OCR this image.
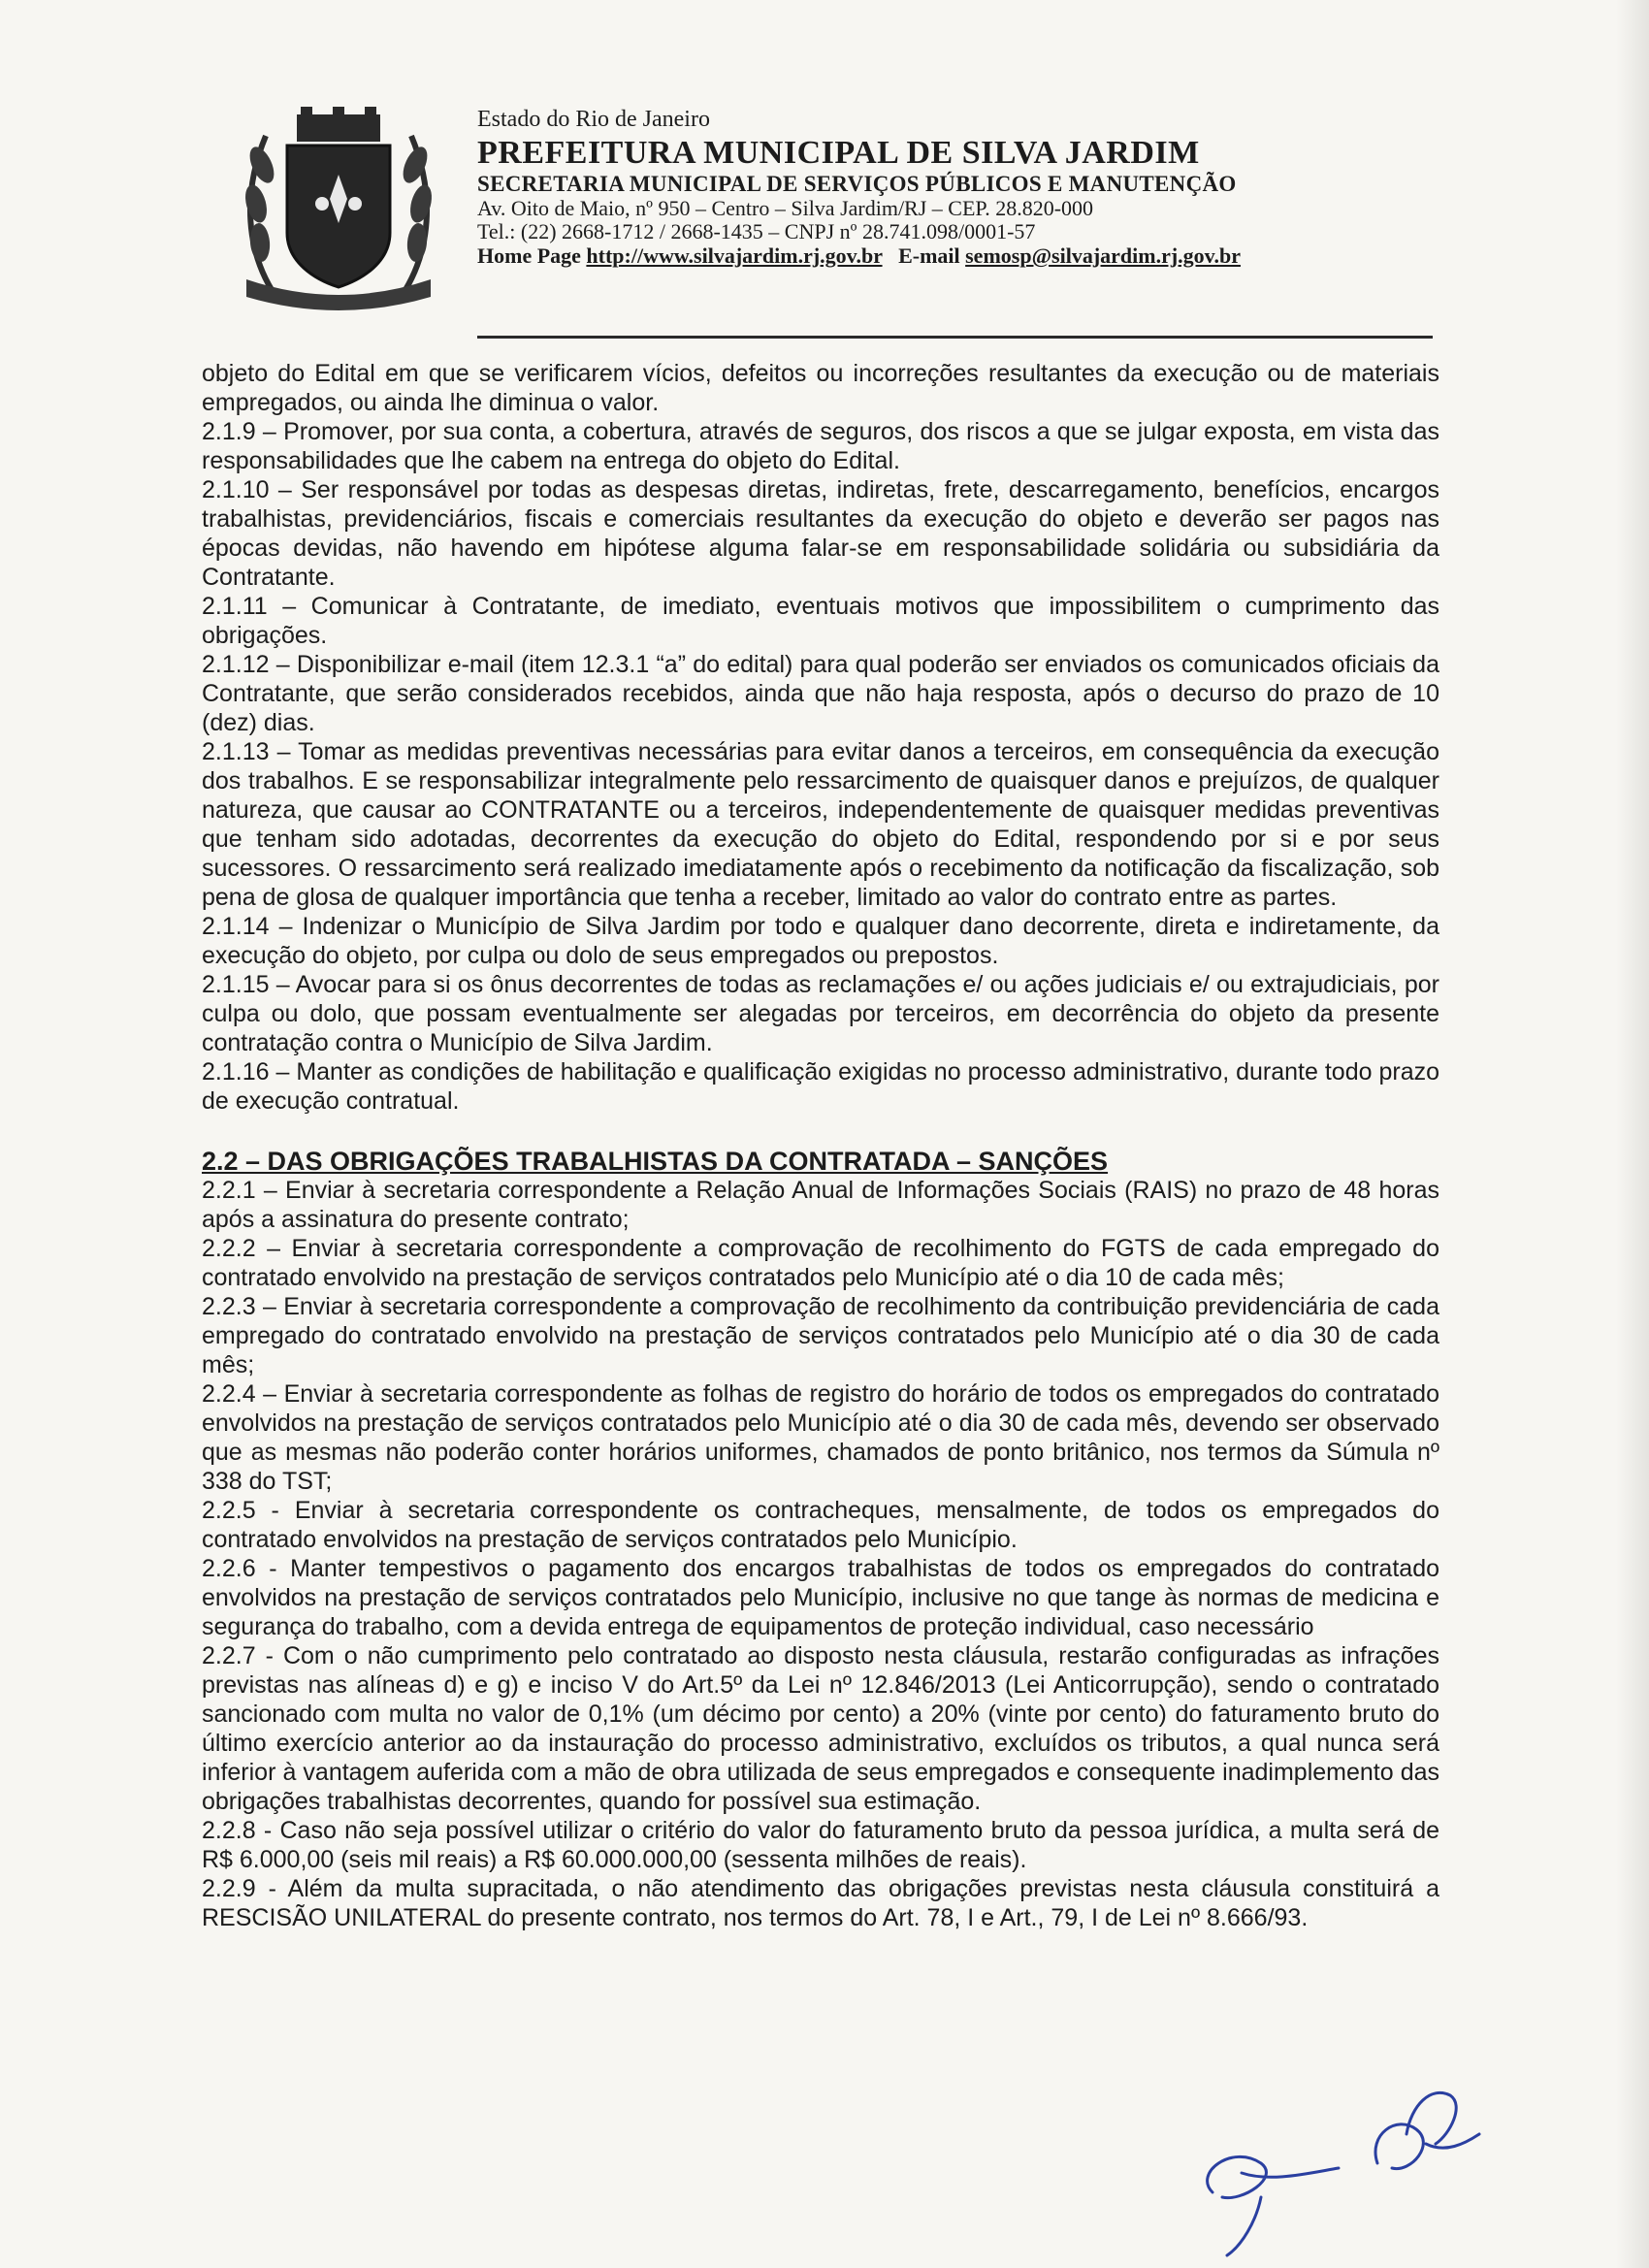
Estado do Rio de Janeiro
PREFEITURA MUNICIPAL DE SILVA JARDIM
SECRETARIA MUNICIPAL DE SERVIÇOS PÚBLICOS E MANUTENÇÃO
Av. Oito de Maio, nº 950 – Centro – Silva Jardim/RJ – CEP. 28.820-000
Tel.: (22) 2668-1712 / 2668-1435 – CNPJ nº 28.741.098/0001-57
Home Page http://www.silvajardim.rj.gov.br E-mail semosp@silvajardim.rj.gov.br

objeto do Edital em que se verificarem vícios, defeitos ou incorreções resultantes da execução ou de materiais empregados, ou ainda lhe diminua o valor.

2.1.9 – Promover, por sua conta, a cobertura, através de seguros, dos riscos a que se julgar exposta, em vista das responsabilidades que lhe cabem na entrega do objeto do Edital.

2.1.10 – Ser responsável por todas as despesas diretas, indiretas, frete, descarregamento, benefícios, encargos trabalhistas, previdenciários, fiscais e comerciais resultantes da execução do objeto e deverão ser pagos nas épocas devidas, não havendo em hipótese alguma falar-se em responsabilidade solidária ou subsidiária da Contratante.

2.1.11 – Comunicar à Contratante, de imediato, eventuais motivos que impossibilitem o cumprimento das obrigações.

2.1.12 – Disponibilizar e-mail (item 12.3.1 “a” do edital) para qual poderão ser enviados os comunicados oficiais da Contratante, que serão considerados recebidos, ainda que não haja resposta, após o decurso do prazo de 10 (dez) dias.

2.1.13 – Tomar as medidas preventivas necessárias para evitar danos a terceiros, em consequência da execução dos trabalhos. E se responsabilizar integralmente pelo ressarcimento de quaisquer danos e prejuízos, de qualquer natureza, que causar ao CONTRATANTE ou a terceiros, independentemente de quaisquer medidas preventivas que tenham sido adotadas, decorrentes da execução do objeto do Edital, respondendo por si e por seus sucessores. O ressarcimento será realizado imediatamente após o recebimento da notificação da fiscalização, sob pena de glosa de qualquer importância que tenha a receber, limitado ao valor do contrato entre as partes.

2.1.14 – Indenizar o Município de Silva Jardim por todo e qualquer dano decorrente, direta e indiretamente, da execução do objeto, por culpa ou dolo de seus empregados ou prepostos.

2.1.15 – Avocar para si os ônus decorrentes de todas as reclamações e/ ou ações judiciais e/ ou extrajudiciais, por culpa ou dolo, que possam eventualmente ser alegadas por terceiros, em decorrência do objeto da presente contratação contra o Município de Silva Jardim.

2.1.16 – Manter as condições de habilitação e qualificação exigidas no processo administrativo, durante todo prazo de execução contratual.

2.2 – DAS OBRIGAÇÕES TRABALHISTAS DA CONTRATADA – SANÇÕES

2.2.1 – Enviar à secretaria correspondente a Relação Anual de Informações Sociais (RAIS) no prazo de 48 horas após a assinatura do presente contrato;

2.2.2 – Enviar à secretaria correspondente a comprovação de recolhimento do FGTS de cada empregado do contratado envolvido na prestação de serviços contratados pelo Município até o dia 10 de cada mês;

2.2.3 – Enviar à secretaria correspondente a comprovação de recolhimento da contribuição previdenciária de cada empregado do contratado envolvido na prestação de serviços contratados pelo Município até o dia 30 de cada mês;

2.2.4 – Enviar à secretaria correspondente as folhas de registro do horário de todos os empregados do contratado envolvidos na prestação de serviços contratados pelo Município até o dia 30 de cada mês, devendo ser observado que as mesmas não poderão conter horários uniformes, chamados de ponto britânico, nos termos da Súmula nº 338 do TST;

2.2.5 - Enviar à secretaria correspondente os contracheques, mensalmente, de todos os empregados do contratado envolvidos na prestação de serviços contratados pelo Município.

2.2.6 - Manter tempestivos o pagamento dos encargos trabalhistas de todos os empregados do contratado envolvidos na prestação de serviços contratados pelo Município, inclusive no que tange às normas de medicina e segurança do trabalho, com a devida entrega de equipamentos de proteção individual, caso necessário

2.2.7 - Com o não cumprimento pelo contratado ao disposto nesta cláusula, restarão configuradas as infrações previstas nas alíneas d) e g) e inciso V do Art.5º da Lei nº 12.846/2013 (Lei Anticorrupção), sendo o contratado sancionado com multa no valor de 0,1% (um décimo por cento) a 20% (vinte por cento) do faturamento bruto do último exercício anterior ao da instauração do processo administrativo, excluídos os tributos, a qual nunca será inferior à vantagem auferida com a mão de obra utilizada de seus empregados e consequente inadimplemento das obrigações trabalhistas decorrentes, quando for possível sua estimação.

2.2.8 - Caso não seja possível utilizar o critério do valor do faturamento bruto da pessoa jurídica, a multa será de R$ 6.000,00 (seis mil reais) a R$ 60.000.000,00 (sessenta milhões de reais).

2.2.9 - Além da multa supracitada, o não atendimento das obrigações previstas nesta cláusula constituirá a RESCISÃO UNILATERAL do presente contrato, nos termos do Art. 78, I e Art., 79, I de Lei nº 8.666/93.
